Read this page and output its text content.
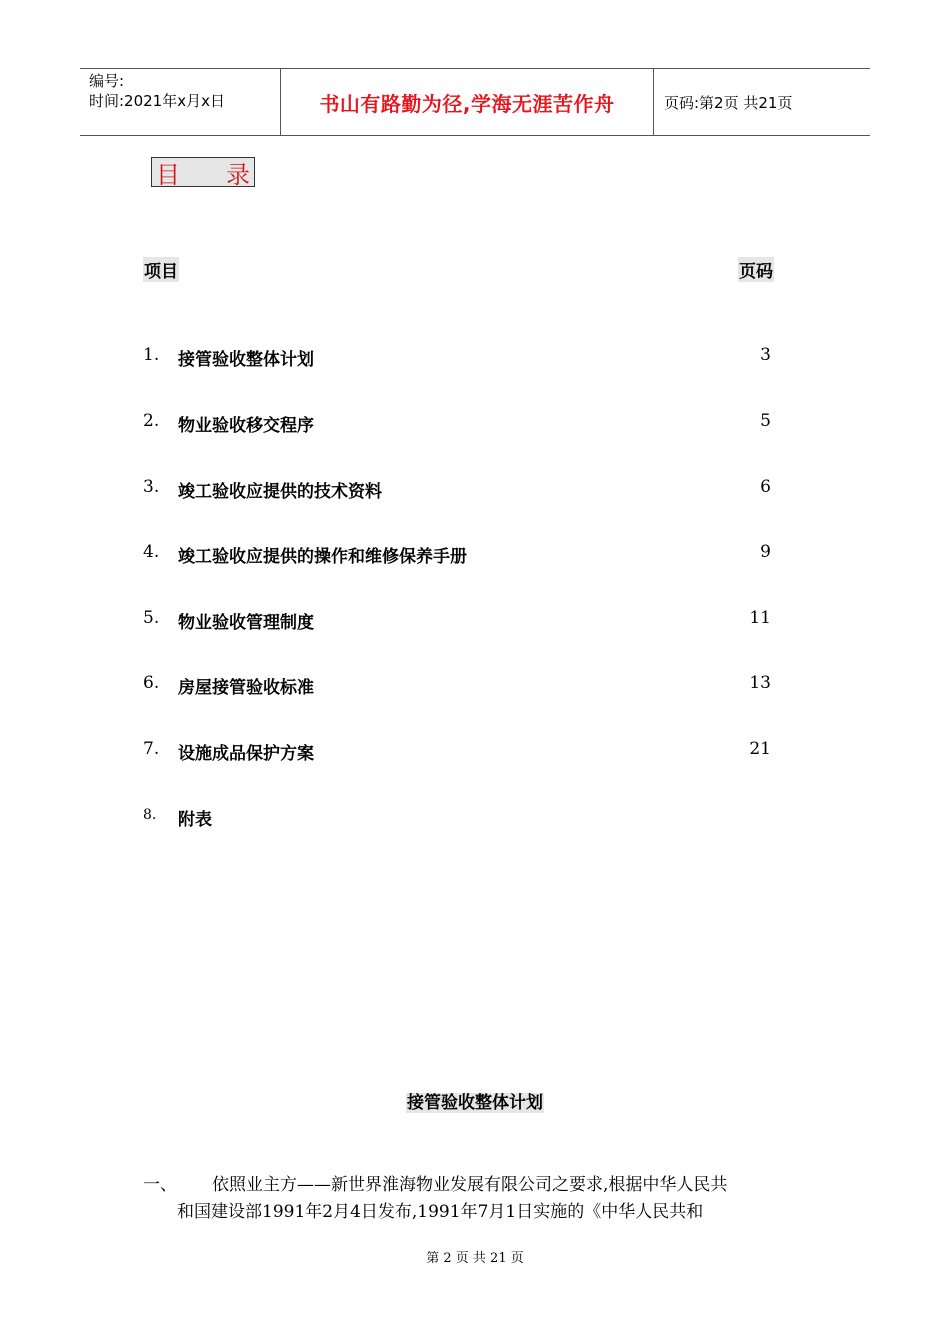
编号:
时间:2021年x月x日	书山有路勤为径,学海无涯苦作舟	页码:第2页 共21页
目 录
项目	页码
1. 接管验收整体计划	3
2. 物业验收移交程序	5
3. 竣工验收应提供的技术资料	6
4. 竣工验收应提供的操作和维修保养手册	9
5. 物业验收管理制度	11
6. 房屋接管验收标准	13
7. 设施成品保护方案	21
8. 附表
接管验收整体计划
一、 依照业主方——新世界淮海物业发展有限公司之要求,根据中华人民共
和国建设部1991年2月4日发布,1991年7月1日实施的《中华人民共和
第 2 页 共 21 页
